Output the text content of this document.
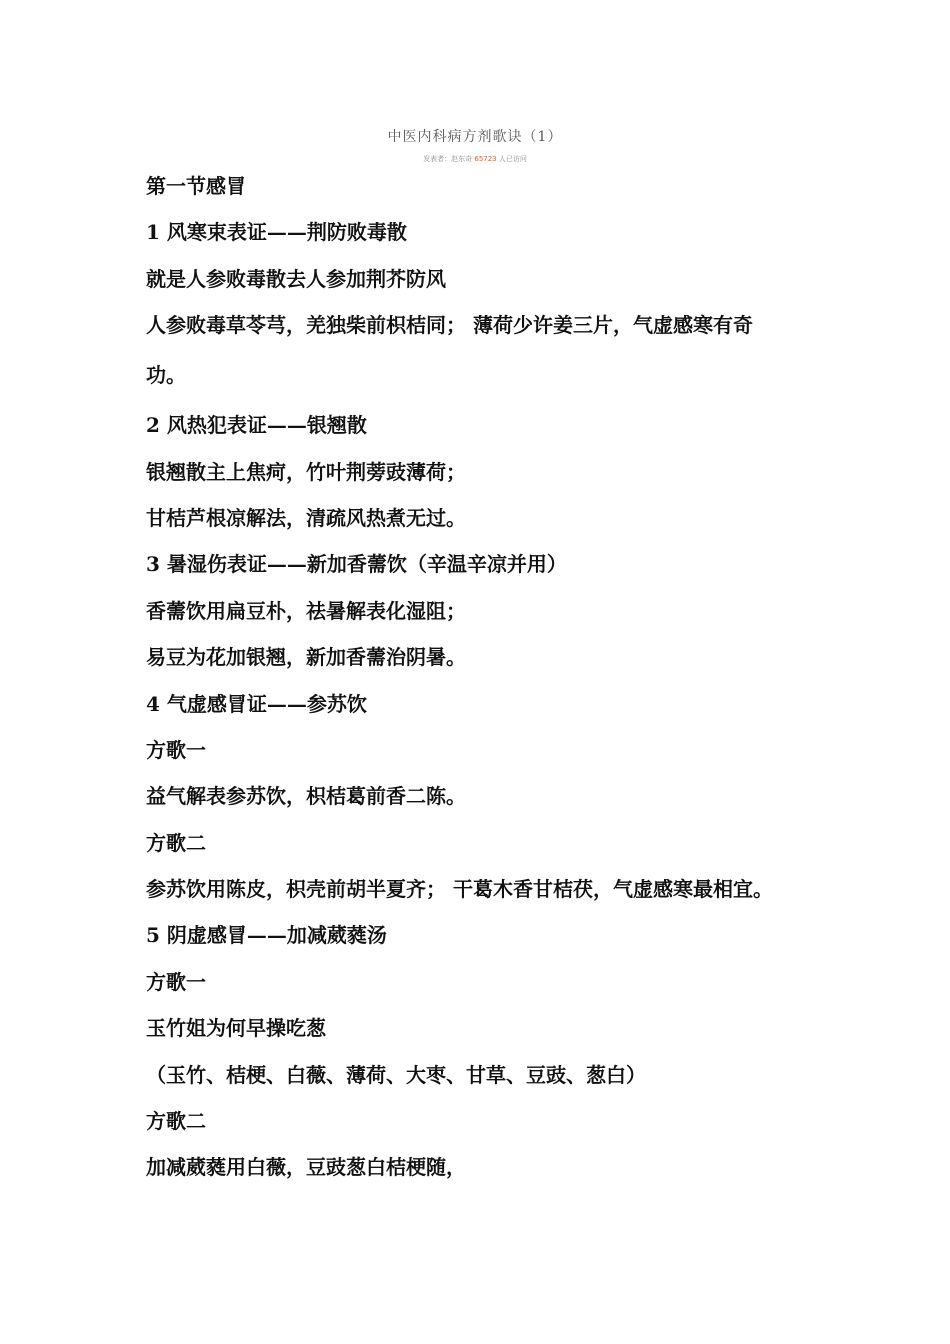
中医内科病方剂歌诀（1）
发表者：赵东奇 65723 人已访问
第一节感冒
1 风寒束表证——荆防败毒散
就是人参败毒散去人参加荆芥防风
人参败毒草苓芎，羌独柴前枳桔同； 薄荷少许姜三片，气虚感寒有奇
功。
2 风热犯表证——银翘散
银翘散主上焦疴，竹叶荆蒡豉薄荷；
甘桔芦根凉解法，清疏风热煮无过。
3 暑湿伤表证——新加香薷饮（辛温辛凉并用）
香薷饮用扁豆朴，祛暑解表化湿阻；
易豆为花加银翘，新加香薷治阴暑。
4 气虚感冒证——参苏饮
方歌一
益气解表参苏饮，枳桔葛前香二陈。
方歌二
参苏饮用陈皮，枳壳前胡半夏齐； 干葛木香甘桔茯，气虚感寒最相宜。
5 阴虚感冒——加减葳蕤汤
方歌一
玉竹姐为何早操吃葱
（玉竹、桔梗、白薇、薄荷、大枣、甘草、豆豉、葱白）
方歌二
加减葳蕤用白薇，豆豉葱白桔梗随，
